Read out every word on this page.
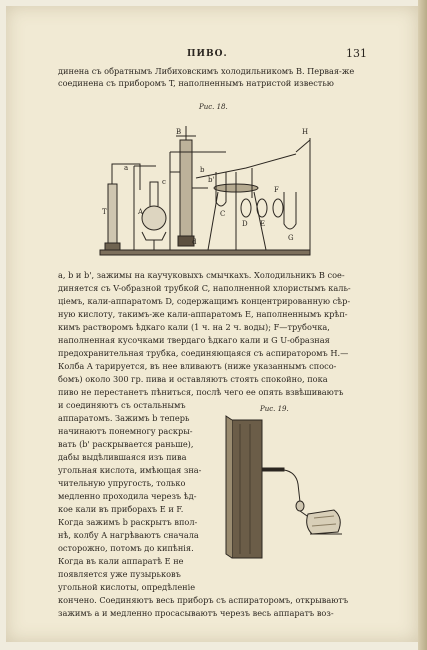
ПИВО.	131
динена съ обратнымъ Либиховскимъ холодильникомъ B. Первая-же
соединена съ приборомъ T, наполненнымъ натристой известью
Рис. 18.
T	A
B
C
D E
F
G
H
a	b
b'
c
d
a, b и b', зажимы на каучуковыхъ смычкахъ. Холодильникъ B сое-
диняется съ V-образной трубкой C, наполненной хлористымъ каль-
ціемъ, кали-аппаратомъ D, содержащимъ концентрированную сѣр-
ную кислоту, такимъ-же кали-аппаратомъ E, наполненнымъ крѣп-
кимъ растворомъ ѣдкаго кали (1 ч. на 2 ч. воды); F—трубочка,
наполненная кусочками твердаго ѣдкаго кали и G U-образная
предохранительная трубка, соединяющаяся съ аспираторомъ H.—
Колба A тарируется, въ нее вливаютъ (ниже указаннымъ спосо-
бомъ) около 300 гр. пива и оставляютъ стоять спокойно, пока
пиво не перестанетъ пѣниться, послѣ чего ее опять взвѣшиваютъ
Рис. 19.
и соединяютъ съ остальнымъ
аппаратомъ. Зажимъ b теперь
начинаютъ понемногу раскры-
вать (b' раскрывается раньше),
дабы выдѣлившаяся изъ пива
угольная кислота, имѣющая зна-
чительную упругость, только
медленно проходила черезъ ѣд-
кое кали въ приборахъ E и F.
Когда зажимъ b раскрытъ впол-
нѣ, колбу A нагрѣваютъ сначала
осторожно, потомъ до кипѣнія.
Когда въ кали аппаратѣ E не
появляется уже пузырьковъ
угольной кислоты, опредѣленіе
кончено. Соединяютъ весь приборъ съ аспираторомъ, открываютъ
зажимъ a и медленно просасываютъ черезъ весь аппаратъ воз-
